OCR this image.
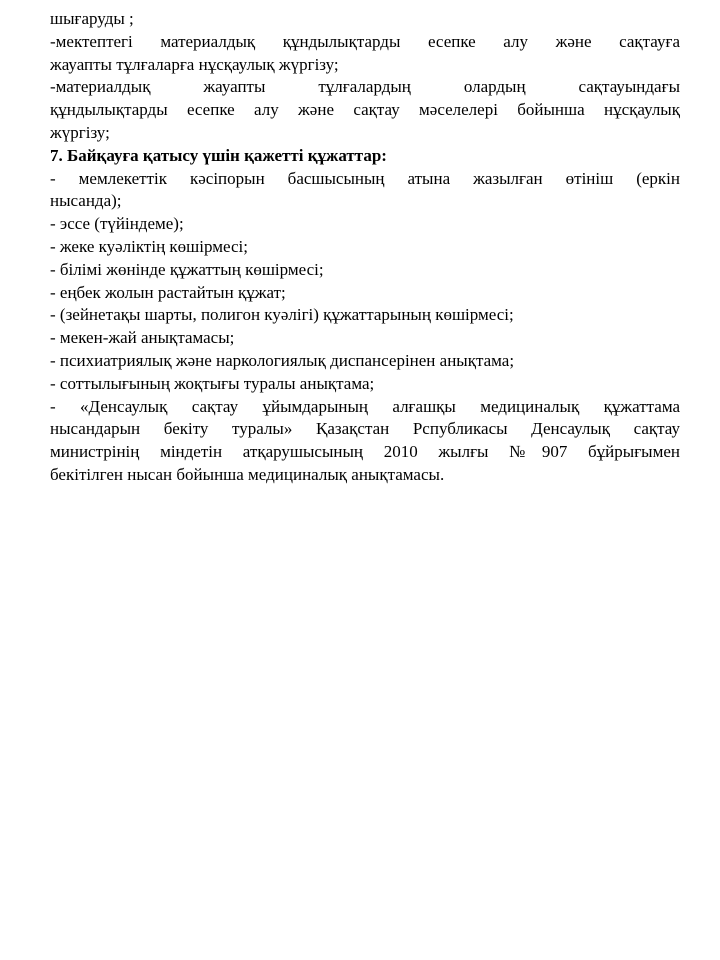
шығаруды ;
-мектептегі материалдық құндылықтарды есепке алу және сақтауға
жауапты тұлғаларға нұсқаулық жүргізу;
-материалдық жауапты тұлғалардың олардың сақтауындағы
құндылықтарды есепке алу және сақтау мәселелері бойынша нұсқаулық
жүргізу;
7. Байқауға қатысу үшін қажетті құжаттар:
- мемлекеттік кәсіпорын басшысының атына жазылған өтініш (еркін
нысанда);
- эссе (түйіндеме);
- жеке куәліктің көшірмесі;
- білімі жөнінде құжаттың көшірмесі;
- еңбек жолын растайтын құжат;
- (зейнетақы шарты, полигон куәлігі) құжаттарының көшірмесі;
- мекен-жай анықтамасы;
- психиатриялық және наркологиялық диспансерінен анықтама;
- соттылығының жоқтығы туралы анықтама;
- «Денсаулық сақтау ұйымдарының алғашқы медициналық құжаттама
нысандарын бекіту туралы» Қазақстан Рспубликасы Денсаулық сақтау
министрінің міндетін атқарушысының 2010 жылғы №907 бұйрығымен
бекітілген нысан бойынша медициналық анықтамасы.
